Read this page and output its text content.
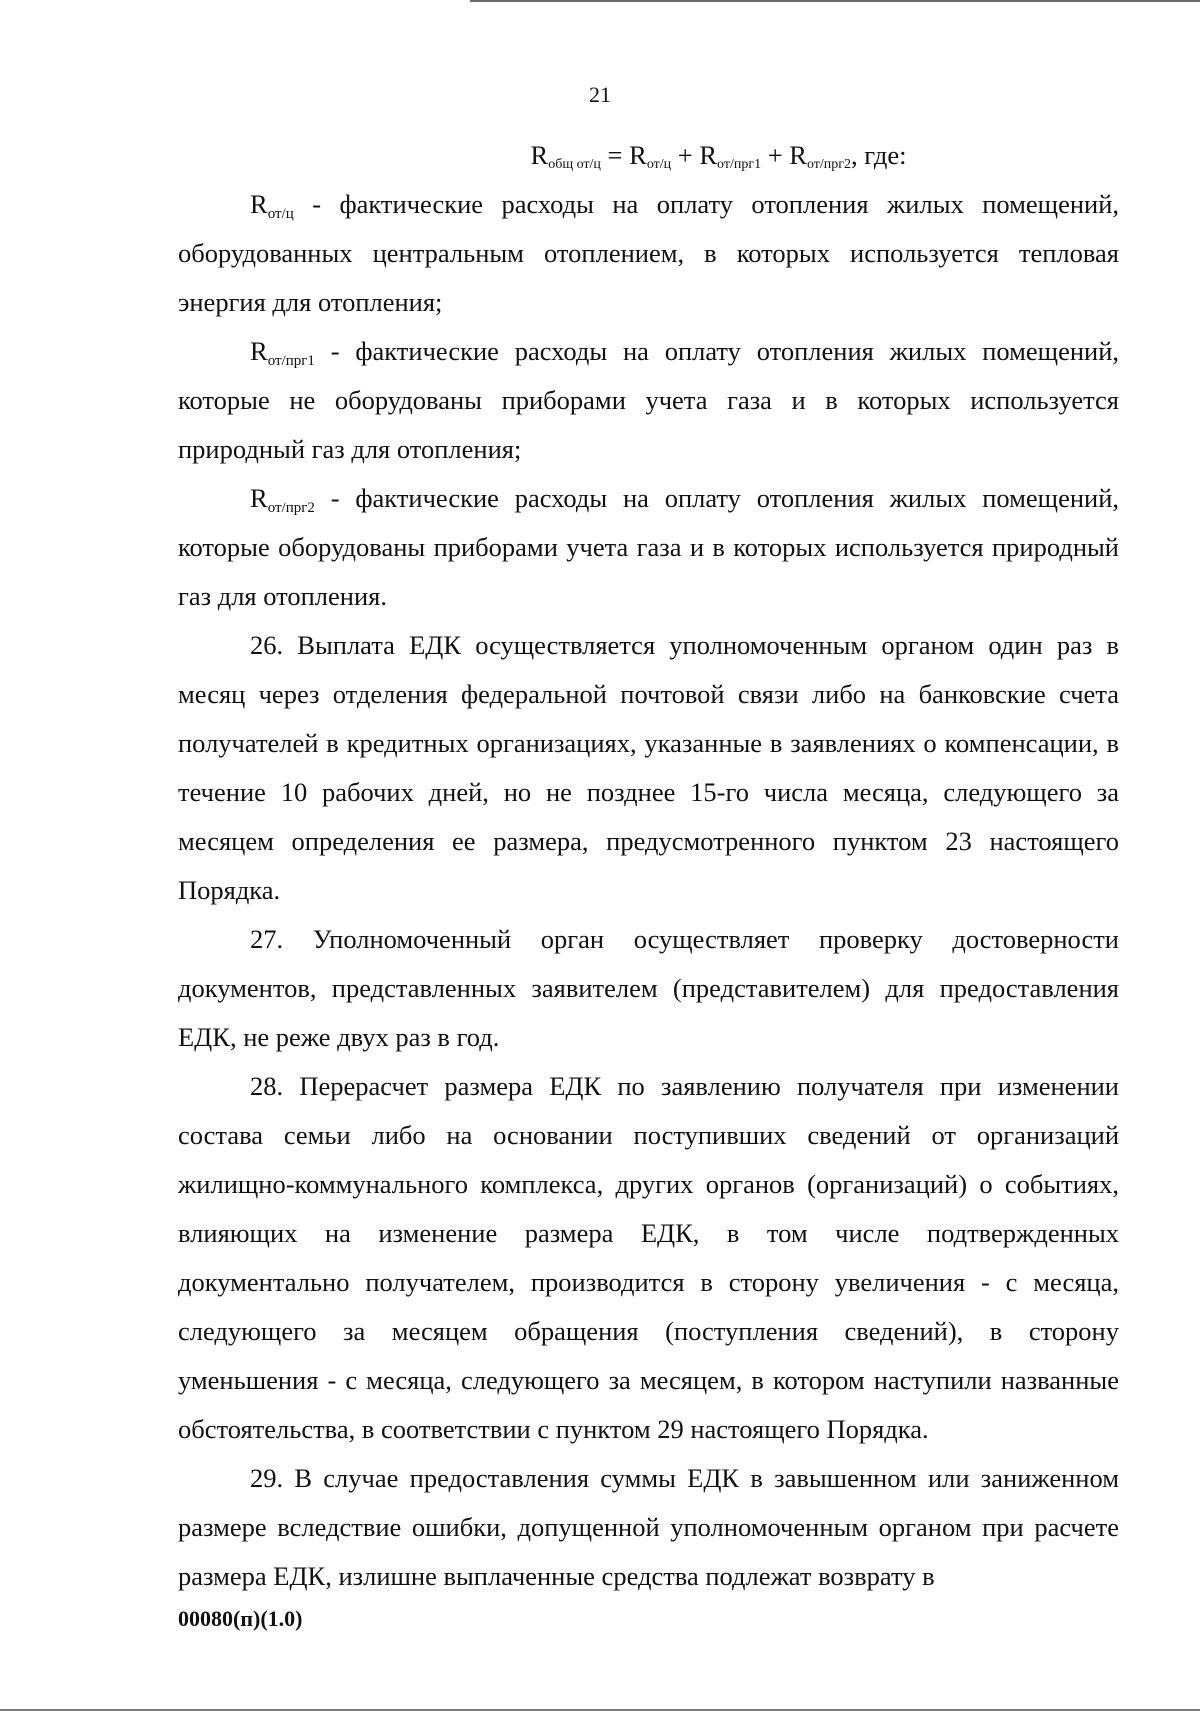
21
$R_{общ от/ц} = R_{от/ц} + R_{от/прг1} + R_{от/прг2}$, где:

$R_{от/ц}$ - фактические расходы на оплату отопления жилых помещений, оборудованных центральным отоплением, в которых используется тепловая энергия для отопления;

$R_{от/прг1}$ - фактические расходы на оплату отопления жилых помещений, которые не оборудованы приборами учета газа и в которых используется природный газ для отопления;

$R_{от/прг2}$ - фактические расходы на оплату отопления жилых помещений, которые оборудованы приборами учета газа и в которых используется природный газ для отопления.

26. Выплата ЕДК осуществляется уполномоченным органом один раз в месяц через отделения федеральной почтовой связи либо на банковские счета получателей в кредитных организациях, указанные в заявлениях о компенсации, в течение 10 рабочих дней, но не позднее 15-го числа месяца, следующего за месяцем определения ее размера, предусмотренного пунктом 23 настоящего Порядка.

27. Уполномоченный орган осуществляет проверку достоверности документов, представленных заявителем (представителем) для предоставления ЕДК, не реже двух раз в год.

28. Перерасчет размера ЕДК по заявлению получателя при изменении состава семьи либо на основании поступивших сведений от организаций жилищно-коммунального комплекса, других органов (организаций) о событиях, влияющих на изменение размера ЕДК, в том числе подтвержденных документально получателем, производится в сторону увеличения - с месяца, следующего за месяцем обращения (поступления сведений), в сторону уменьшения - с месяца, следующего за месяцем, в котором наступили названные обстоятельства, в соответствии с пунктом 29 настоящего Порядка.

29. В случае предоставления суммы ЕДК в завышенном или заниженном размере вследствие ошибки, допущенной уполномоченным органом при расчете размера ЕДК, излишне выплаченные средства подлежат возврату в

00080(п)(1.0)
